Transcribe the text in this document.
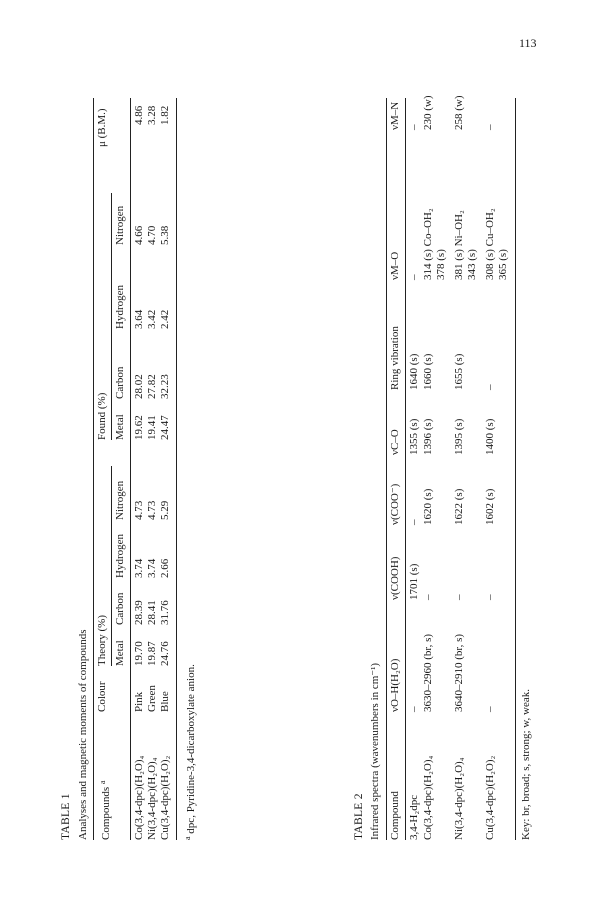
113
TABLE 1 Analyses and magnetic moments of compounds	Compounds $^a$
Colour
Theory (%)
Found (%)
μ (B.M.)
Metal
Carbon
Hydrogen
Nitrogen
Metal
Carbon
Hydrogen
Nitrogen
Co(3,4-dpc)(H₂O)₄
Pink
19.70
28.39
3.74
4.73
19.62
28.02
3.64
4.66
4.86
Ni(3,4-dpc)(H₂O)₄
Green
19.87
28.41
3.74
4.73
19.41
27.82
3.42
4.70
3.28
Cu(3,4-dpc)(H₂O)₂
Blue
24.76
31.76
2.66
5.29
24.47
32.23
2.42
5.38
1.82
$^a$ dpc, Pyridine-3,4-dicarboxylate anion.	TABLE 2 Infrared spectra (wavenumbers in cm⁻¹) Compound
νO–H(H₂O)
ν(COOH)
ν(COO⁻)
νC–O
Ring vibration
νM–O
νM–N
3,4-H₂dpc
–
1701 (s)
–
1355 (s)
1640 (s)
–
–
Co(3,4-dpc)(H₂O)₄
3630–2960 (br, s)
–
1620 (s)
1396 (s)
1660 (s)
314 (s) Co–OH₂ 378 (s)
230 (w)
Ni(3,4-dpc)(H₂O)₄
3640–2910 (br, s)
–
1622 (s)
1395 (s)
1655 (s)
381 (s) Ni–OH₂ 343 (s)
258 (w)
Cu(3,4-dpc)(H₂O)₂
–
–
1602 (s)
1400 (s)
–
308 (s) Cu–OH₂ 365 (s)
–
Key: br, broad; s, strong; w, weak.
